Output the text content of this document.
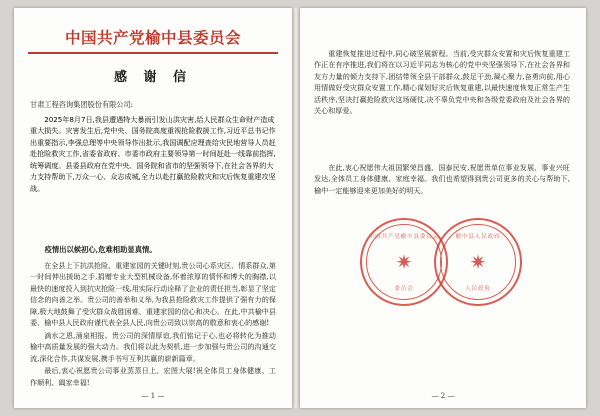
中国共产党榆中县委员会
感 谢 信
甘肃工程咨询集团股份有限公司:

2025年8月7日,我县遭遇特大暴雨引发山洪灾害,给人民群众生命财产造成重大损失。灾害发生后,党中央、国务院高度重视抢险救援工作,习近平总书记作出重要指示,李强总理等中央领导作出批示,我国调配应理查给灾民地营导人员赶赴抢险救灾工作,省委省政府、市委市政府主要领导第一时间赶赴一线靠前指挥,统筹调度。县委县政府在党中央、国务院和省市的坚强领导下,在社会各界的大力支持帮助下,万众一心、众志成城,全力以赴打赢抢险救灾和灾后恢复重建攻坚战。

疫情出以候初心,危难相助显真情。

在全县上下抗洪抢险、重建家园的关键时刻,贵公司心系灾区、情系群众,第一时间伸出援助之手,捐赠专业大型机械设备,怀着浓厚的情怀和博大的胸襟,以最快的速度投入到抗灾抢险一线,用实际行动诠释了企业的责任担当,彰显了坚定信念的向善之举。贵公司的善举和义举,为我县抢险救灾工作提供了强有力的保障,极大地鼓舞了受灾群众战胜困难、重建家园的信心和决心。在此,中共榆中县委、榆中县人民政府谨代表全县人民,向贵公司致以崇高的敬意和衷心的感谢!

滴水之恩,涌泉相报。贵公司的深情厚谊,我们铭记于心,也必将转化为推动榆中高质量发展的强大动力。我们将以此为契机,进一步加强与贵公司的沟通交流,深化合作,共谋发展,携手书写互利共赢的崭新篇章。

最后,衷心祝愿贵公司事业蒸蒸日上、宏图大展!祝全体员工身体健康、工作顺利、阖家幸福!

— 1 —

重建恢复推进过程中,同心破坚展新程。当前,受灾群众安置和灾后恢复重建工作正在有序推进,我们将在以习近平同志为核心的党中央坚强领导下,在社会各界和友方力量的倾力支持下,团结带领全县干部群众,鼓足干劲,凝心聚力,奋勇向前,用心用情做好受灾群众安置工作,精心谋划好灾后恢复重建,以最快速度恢复正常生产生活秩序,坚决打赢抢险救灾这场硬仗,决不辜负党中央和各级党委政府及社会各界的关心和厚爱。

在此,衷心祝愿伟大祖国繁荣昌盛、国泰民安,祝愿贵单位事业发展、事业兴旺发达,全体员工身体健康、家庭幸福。我们也希望得到贵公司更多的关心与帮助下,榆中一定能够迎来更加美好的明天。

中国共产党榆中县委员会
✷
委员会
榆中县人民政府
✷
人民政府
— 2 —
